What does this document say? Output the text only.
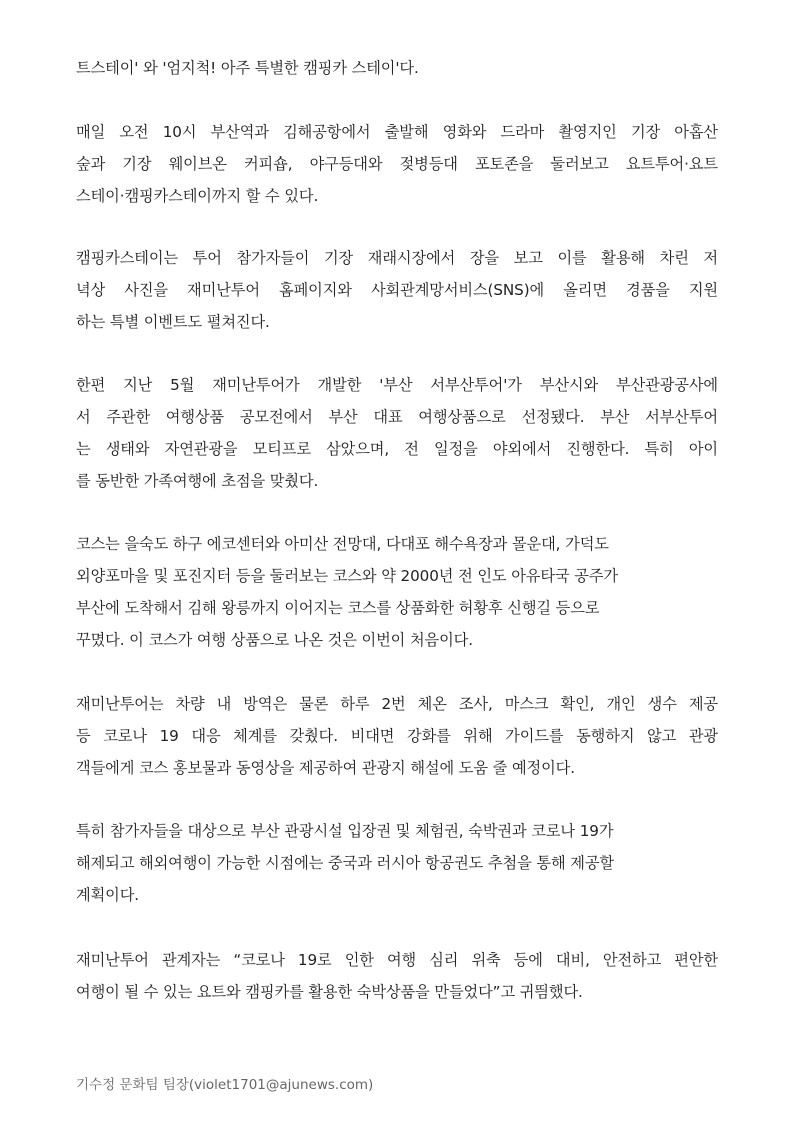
트스테이' 와 '엄지척! 아주 특별한 캠핑카 스테이'다.
매일 오전 10시 부산역과 김해공항에서 출발해 영화와 드라마 촬영지인 기장 아홉산
숲과 기장 웨이브온 커피숍, 야구등대와 젖병등대 포토존을 둘러보고 요트투어·요트
스테이·캠핑카스테이까지 할 수 있다.
캠핑카스테이는 투어 참가자들이 기장 재래시장에서 장을 보고 이를 활용해 차린 저
녁상 사진을 재미난투어 홈페이지와 사회관계망서비스(SNS)에 올리면 경품을 지원
하는 특별 이벤트도 펼쳐진다.
한편 지난 5월 재미난투어가 개발한 '부산 서부산투어'가 부산시와 부산관광공사에
서 주관한 여행상품 공모전에서 부산 대표 여행상품으로 선정됐다. 부산 서부산투어
는 생태와 자연관광을 모티프로 삼았으며, 전 일정을 야외에서 진행한다. 특히 아이
를 동반한 가족여행에 초점을 맞췄다.
코스는 을숙도 하구 에코센터와 아미산 전망대, 다대포 해수욕장과 몰운대, 가덕도
외양포마을 및 포진지터 등을 둘러보는 코스와 약 2000년 전 인도 아유타국 공주가
부산에 도착해서 김해 왕릉까지 이어지는 코스를 상품화한 허황후 신행길 등으로
꾸몄다. 이 코스가 여행 상품으로 나온 것은 이번이 처음이다.
재미난투어는 차량 내 방역은 물론 하루 2번 체온 조사, 마스크 확인, 개인 생수 제공
등 코로나 19 대응 체계를 갖췄다. 비대면 강화를 위해 가이드를 동행하지 않고 관광
객들에게 코스 홍보물과 동영상을 제공하여 관광지 해설에 도움 줄 예정이다.
특히 참가자들을 대상으로 부산 관광시설 입장권 및 체험권, 숙박권과 코로나 19가
해제되고 해외여행이 가능한 시점에는 중국과 러시아 항공권도 추첨을 통해 제공할
계획이다.
재미난투어 관계자는 “코로나 19로 인한 여행 심리 위축 등에 대비, 안전하고 편안한
여행이 될 수 있는 요트와 캠핑카를 활용한 숙박상품을 만들었다”고 귀띔했다.
기수정 문화팀 팀장(violet1701@ajunews.com)
